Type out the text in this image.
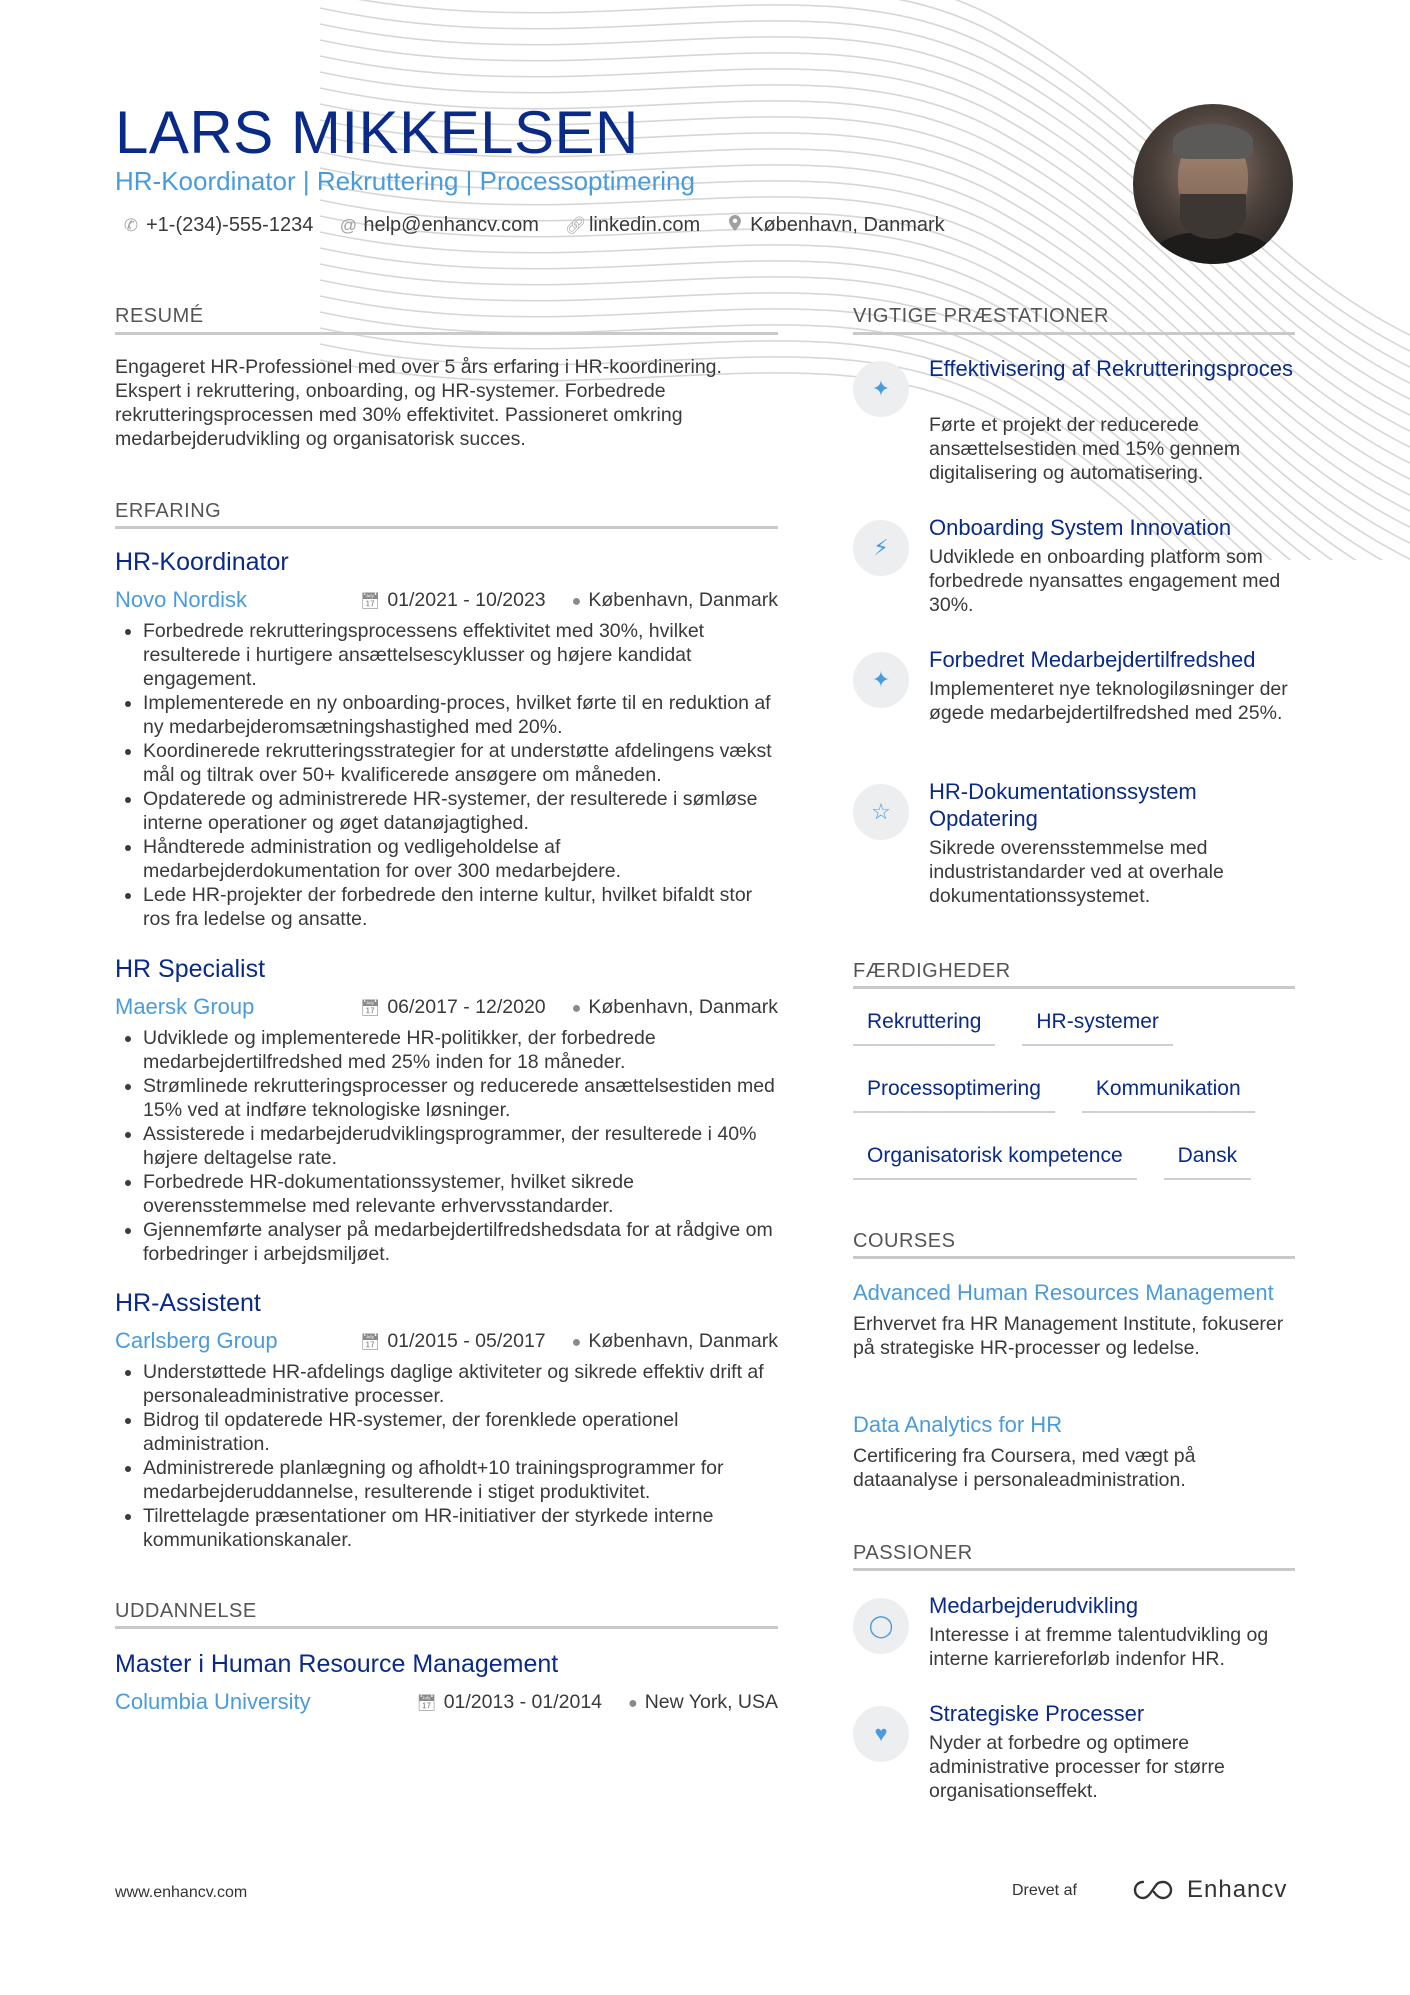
LARS MIKKELSEN
HR-Koordinator | Rekruttering | Processoptimering
✆ +1-(234)-555-1234 @ help@enhancv.com 🔗︎ linkedin.com	København, Danmark
RESUMÉ
Engageret HR-Professionel med over 5 års erfaring i HR-koordinering. Ekspert i rekruttering, onboarding, og HR-systemer. Forbedrede rekrutteringsprocessen med 30% effektivitet. Passioneret omkring medarbejderudvikling og organisatorisk succes.
ERFARING
HR-Koordinator
Novo Nordisk	📅︎ 01/2021 - 10/2023 ● København, Danmark
• Forbedrede rekrutteringsprocessens effektivitet med 30%, hvilket resulterede i hurtigere ansættelsescyklusser og højere kandidat engagement.
• Implementerede en ny onboarding-proces, hvilket førte til en reduktion af ny medarbejderomsætningshastighed med 20%.
• Koordinerede rekrutteringsstrategier for at understøtte afdelingens vækst mål og tiltrak over 50+ kvalificerede ansøgere om måneden.
• Opdaterede og administrerede HR-systemer, der resulterede i sømløse interne operationer og øget datanøjagtighed.
• Håndterede administration og vedligeholdelse af medarbejderdokumentation for over 300 medarbejdere.
• Lede HR-projekter der forbedrede den interne kultur, hvilket bifaldt stor ros fra ledelse og ansatte.
HR Specialist
Maersk Group	📅︎ 06/2017 - 12/2020 ● København, Danmark
• Udviklede og implementerede HR-politikker, der forbedrede medarbejdertilfredshed med 25% inden for 18 måneder.
• Strømlinede rekrutteringsprocesser og reducerede ansættelsestiden med 15% ved at indføre teknologiske løsninger.
• Assisterede i medarbejderudviklingsprogrammer, der resulterede i 40% højere deltagelse rate.
• Forbedrede HR-dokumentationssystemer, hvilket sikrede overensstemmelse med relevante erhvervsstandarder.
• Gjennemførte analyser på medarbejdertilfredshedsdata for at rådgive om forbedringer i arbejdsmiljøet.
HR-Assistent
Carlsberg Group	📅︎ 01/2015 - 05/2017 ● København, Danmark
• Understøttede HR-afdelings daglige aktiviteter og sikrede effektiv drift af personaleadministrative processer.
• Bidrog til opdaterede HR-systemer, der forenklede operationel administration.
• Administrerede planlægning og afholdt+10 trainingsprogrammer for medarbejderuddannelse, resulterende i stiget produktivitet.
• Tilrettelagde præsentationer om HR-initiativer der styrkede interne kommunikationskanaler.
UDDANNELSE
Master i Human Resource Management
Columbia University	📅︎ 01/2013 - 01/2014 ● New York, USA
VIGTIGE PRÆSTATIONER
✦
Effektivisering af Rekrutteringsproces
Førte et projekt der reducerede ansættelsestiden med 15% gennem digitalisering og automatisering.
⚡︎
Onboarding System Innovation
Udviklede en onboarding platform som forbedrede nyansattes engagement med 30%.
✦
Forbedret Medarbejdertilfredshed
Implementeret nye teknologiløsninger der øgede medarbejdertilfredshed med 25%.
☆
HR-Dokumentationssystem Opdatering
Sikrede overensstemmelse med industristandarder ved at overhale dokumentationssystemet.
FÆRDIGHEDER
Rekruttering	HR-systemer
Processoptimering	Kommunikation
Organisatorisk kompetence	Dansk
COURSES
Advanced Human Resources Management
Erhvervet fra HR Management Institute, fokuserer på strategiske HR-processer og ledelse.
Data Analytics for HR
Certificering fra Coursera, med vægt på dataanalyse i personaleadministration.
PASSIONER
◯
Medarbejderudvikling
Interesse i at fremme talentudvikling og interne karriereforløb indenfor HR.
♥
Strategiske Processer
Nyder at forbedre og optimere administrative processer for større organisationseffekt.
www.enhancv.com	Drevet af	Enhancv
